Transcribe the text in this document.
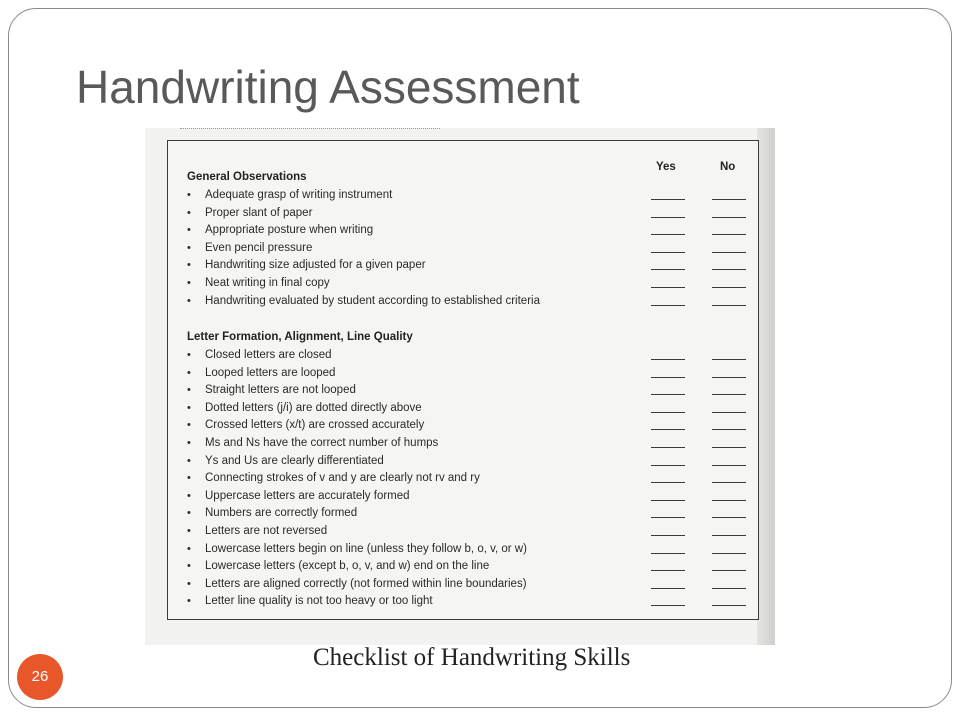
Handwriting Assessment
Yes	No
General Observations
• Adequate grasp of writing instrument
• Proper slant of paper
• Appropriate posture when writing
• Even pencil pressure
• Handwriting size adjusted for a given paper
• Neat writing in final copy
• Handwriting evaluated by student according to established criteria
Letter Formation, Alignment, Line Quality
• Closed letters are closed
• Looped letters are looped
• Straight letters are not looped
• Dotted letters (j/i) are dotted directly above
• Crossed letters (x/t) are crossed accurately
• Ms and Ns have the correct number of humps
• Ys and Us are clearly differentiated
• Connecting strokes of v and y are clearly not rv and ry
• Uppercase letters are accurately formed
• Numbers are correctly formed
• Letters are not reversed
• Lowercase letters begin on line (unless they follow b, o, v, or w)
• Lowercase letters (except b, o, v, and w) end on the line
• Letters are aligned correctly (not formed within line boundaries)
• Letter line quality is not too heavy or too light
Checklist of Handwriting Skills
26
